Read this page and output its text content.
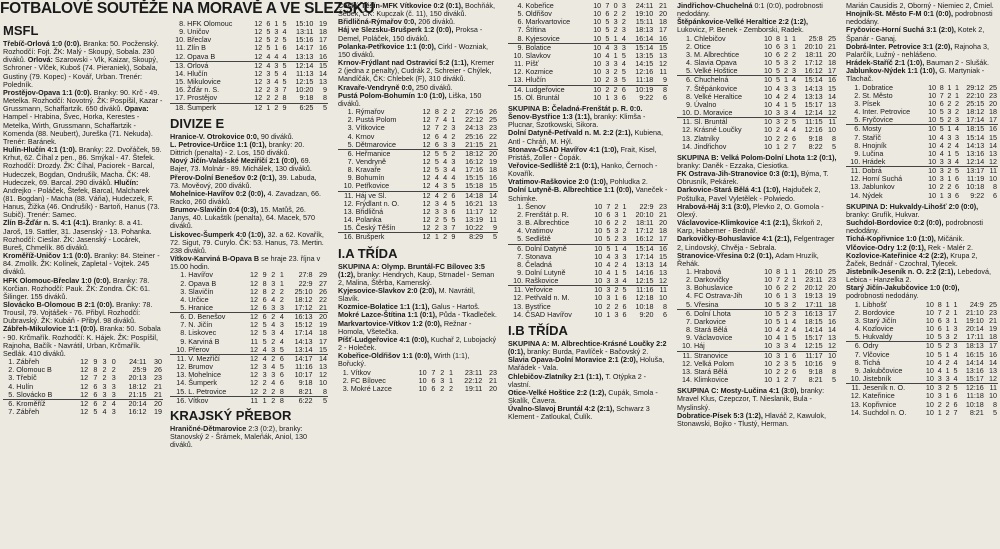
FOTBALOVÉ SOUTĚŽE NA MORAVĚ A VE SLEZSKU
MSFL

Třebíč-Orlová 1:0 (0:0). Branka: 50. Pocženský. Rozhodčí: Fojt. ŽK: Malý - Skoupý, Sobala. 230 diváků. Orlová: Szarowski - Vlk, Kaizar, Skoupý, Schroner - Vlček, Kuboš (74. Pieraniek), Sobala, Gustiny (79. Kopec) - Kovář, Urban. Trenér: Poledník.

Prostějov-Opava 1:1 (0:0). Branky: 90. Krč - 49. Metelka. Rozhodčí: Novotný. ŽK: Pospíšil, Kazar - Grussmann, Schaffartzik. 650 diváků. Opava: Hampel - Hrabina, Švec, Horka, Kerestes - Metelka, Wirth, Grussmann, Schaffartzik - Komenda (88. Neubert), Jureška (71. Nekuda). Trenér: Baránek.

Hulín-Hlučín 4:1 (1:0). Branky: 22. Dvořáček, 59. Krhut, 62. Číhal z pen., 86. Smýkal - 47. Štefek. Rozhodčí: Drozdy. ŽK: Číhal, Paciorek - Barcal, Hudeczek, Bogdan, Ondrušík, Macha. ČK: 48. Hudeczek, 69. Barcal. 290 diváků. Hlučín: Andrejko - Poláček, Štefek, Barcal, Malcharek (81. Bogdan) - Macha (88. Váňa), Hudeczek, F. Hanus, Žižka (46. Ondrušík) - Bartoň, Hanus (73. Subič). Trenér: Samec.

Zlín B-Žďár n. S. 4:1 (4:1). Branky: 8. a 41. Jaroš, 19. Sattler, 31. Jasenský - 13. Pohanka. Rozhodčí: Cieslar. ŽK: Jasenský - Locárek, Bureš, Chmelík. 86 diváků.

Kroměříž-Uničov 1:1 (0:0). Branky: 84. Steiner - 84. Zmolík. ŽK: Kolínek, Zapletal - Vojtek. 245 diváků.

HFK Olomouc-Břeclav 1:0 (0:0). Branky: 78. Korčian. Rozhodčí: Pauk. ŽK: Zondra. ČK: 61. Šilinger. 155 diváků.

Slovácko B-Olomouc B 2:1 (0:0). Branky: 78. Trousil, 79. Vojtášek - 76. Přibyl. Rozhodčí: Dubravský. ŽK: Kubáň - Přibyl. 98 diváků.

Zábřeh-Mikulovice 1:1 (0:0). Branka: 50. Sobala - 90. Krčmařík. Rozhodčí: K. Hájek. ŽK: Pospíšil, Rajnoha, Bačík - Navrátil, Urban, Krčmařík. Sedlák. 410 diváků.

1.	Zábřeh	12	9	3	0	24:11	30
2.	Olomouc B	12	8	2	2	25:9	26
3.	Třebíč	12	7	2	3	20:13	23
4.	Hulín	12	6	3	3	18:12	21
5.	Slovácko B	12	6	3	3	21:15	21
6.	Kroměříž	12	6	2	4	20:14	20
7.	Zábřeh	12	5	4	3	16:12	19
8.	HFK Olomouc	12	6	1	5	15:10	19
9.	Uničov	12	5	3	4	13:11	18
10.	Břeclav	12	5	2	5	15:16	17
11.	Zlín B	12	5	1	6	14:17	16
12.	Opava B	12	4	4	4	13:13	16
13.	Orlová	12	4	3	5	12:14	15
14.	Hlučín	12	3	5	4	11:13	14
15.	Mikulovice	12	3	4	5	12:15	13
16.	Žďár n. S.	12	2	3	7	10:20	9
17.	Prostějov	12	2	2	8	9:18	8
18.	Šumperk	12	1	2	9	6:25	5
DIVIZE E

Hranice-V. Otrokovice 0:0, 90 diváků.

L. Petrovice-Určice 1:1 (0:1), branky: 20. Dittrich (penalta) - 2. Los, 150 diváků.

Nový Jičín-Valašské Meziříčí 2:1 (0:0), 69. Bajer, 73. Molnár - 89. Michálek, 130 diváků.

Přerov-Dolní Benešov 0:2 (0:1), 39. Labuda, 73. Mověový, 200 diváků.

Mohelnice-Havířov 0:2 (0:0), 4. Zavadzan, 66. Racko, 260 diváků.

Brumov-Slavičín 0:4 (0:3), 15. Matůš, 26. Janys, 40. Lukaštík (penalta), 64. Macek, 570 diváků.

Liskovec-Šumperk 4:0 (1:0), 32. a 62. Kovařík, 72. Sigut, 79. Curylo. ČK: 53. Hanus, 73. Mertin. 238 diváků.

Vítkov-Karviná B-Opava B se hraje 23. října v 15.00 hodin.

1.	Havířov	12	9	2	1	27:8	29
2.	Opava B	12	8	3	1	22:9	27
3.	Slavičín	12	8	2	2	25:10	26
4.	Určice	12	6	4	2	18:12	22
5.	Hranice	12	6	3	3	17:12	21
6.	D. Benešov	12	6	2	4	16:13	20
7.	N. Jičín	12	5	4	3	15:12	19
8.	Liskovec	12	5	3	4	17:14	18
9.	Karviná B	11	5	2	4	14:13	17
10.	Přerov	12	4	3	5	13:14	15
11.	V. Mezříčí	12	4	2	6	14:17	14
12.	Brumov	12	3	4	5	11:16	13
13.	Mohelnice	12	3	3	6	10:17	12
14.	Šumperk	12	2	4	6	9:18	10
15.	L. Petrovice	12	2	2	8	8:21	8
16.	Vítkov	11	1	2	8	6:22	5
KRAJSKÝ PŘEBOR

Hraničné-Dětmarovice 2:3 (0:2), branky: Stanovský 2 - Šrámek, Maleňák, Aniol, 130 diváků.

Český Těšín-MFK Vítkovice 0:2 (0:1), Bochňák, Šebek, ČK: Kupczak (č. 11), 150 diváků.

Břidličná-Rýmařov 0:0, 206 diváků.

Háj ve Slezsku-Brušperk 1:2 (0:0), Proksa - Demel, Poláček, 150 diváků.

Polanka-Petřkovice 1:1 (0:0), Cirkl - Wozniak, 150 diváků.

Krnov-Frýdlant nad Ostravicí 5:2 (1:1), Kremer 2 (jedna z penalty), Cudrák 2, Schreier - Chýlek, Mandíčák, ČK: Chlebek (F), 310 diváků.

Kravaře-Vendryně 0:0, 250 diváků.

Pustá Polom-Bohumín 1:0 (1:0), Liška, 150 diváků.

1.	Rýmařov	12	8	2	2	27:16	26
2.	Pustá Polom	12	7	4	1	22:12	25
3.	Vítkovice	12	7	2	3	24:13	23
4.	Krnov	12	6	4	2	25:16	22
5.	Dětmarovice	12	6	3	3	21:15	21
6.	Heřmanice	12	5	5	2	18:12	20
7.	Vendryně	12	5	4	3	16:12	19
8.	Kravaře	12	5	3	4	17:16	18
9.	Bohumín	12	4	4	4	15:15	16
10.	Petřkovice	12	4	3	5	15:18	15
11.	Háj ve Sl.	12	4	2	6	14:18	14
12.	Frýdlant n. O.	12	3	4	5	16:21	13
13.	Břidličná	12	3	3	6	11:17	12
14.	Polanka	12	2	5	5	13:19	11
15.	Český Těšín	12	2	3	7	10:22	9
16.	Brušperk	12	1	2	9	8:29	5
I.A TŘÍDA

SKUPINA A: Olymp. Bruntál-FC Bílovec 3:5 (1:2), branky: Hendrych, Kaup, Strnadel - Seman 2, Malina, Štěrba, Kamenský.

Kyjesovice-Slavkov 2:0 (2:0), M. Navrátil, Slavík.

Kozmice-Bolatice 1:1 (1:1), Galus - Hartoš.

Mokré Lazce-Štítina 1:1 (0:1), Půda - Tkadleček.

Markvartovice-Vítkov 1:2 (0:0), Režnar - Homola, Všetečka.

Píšť-Ludgeřovice 4:1 (0:0), Kuchař 2, Lubojacký 2 - Holeček.

Kobeřice-Oldřišov 1:1 (0:0), Wirth (1:1), Bořucký.

1.	Vítkov	10	7	2	1	23:11	23
2.	FC Bílovec	10	6	3	1	22:12	21
3.	Mokré Lazce	10	6	2	2	19:11	20
4.	Kobeřice	10	7	0	3	24:11	21
5.	Oldřišov	10	6	2	2	19:10	20
6.	Markvartovice	10	5	3	2	15:11	18
7.	Štítina	10	5	2	3	18:13	17
8.	Kyjesovice	10	5	1	4	16:14	16
9.	Bolatice	10	4	3	3	15:14	15
10.	Slavkov	10	4	1	5	13:15	13
11.	Píšť	10	3	3	4	14:15	12
12.	Kozmice	10	3	2	5	12:16	11
13.	Hlučín	10	2	3	5	11:18	9
14.	Ludgeřovice	10	2	2	6	10:19	8
15.	Ol. Bruntál	10	1	3	6	9:22	6

SKUPINA B: Čeladná-Frenštát p. R. 0:0.

Šenov-Bystřice 1:3 (1:1), branky: Klimša - Plucnar, Szotkowski, Sikora.

Dolní Datyně-Petřvald n. M. 2:2 (2:1), Kubiena, Antl - Chráň, M. Hýl.

Stonava-ČSAD Havířov 4:1 (1:0), Frait, Kisel, Pristáš, Zoller - Čopák.

Veřovice-Sedliště 2:1 (0:1), Hanko, Černoch - Kovařík.

Vratimov-Raškovice 2:0 (1:0), Pohludka 2.

Dolní Lutyně-B. Albrechtice 1:1 (0:0), Vaneček - Schimke.

1.	Šenov	10	7	2	1	22:9	23
2.	Frenštát p. R.	10	6	3	1	20:10	21
3.	B. Albrechtice	10	6	2	2	18:11	20
4.	Vratimov	10	5	3	2	17:12	18
5.	Sedliště	10	5	2	3	16:12	17
6.	Dolní Datyně	10	5	1	4	15:14	16
7.	Stonava	10	4	3	3	17:14	15
8.	Čeladná	10	4	2	4	13:13	14
9.	Dolní Lutyně	10	4	1	5	14:16	13
10.	Raškovice	10	3	3	4	12:15	12
11.	Veřovice	10	3	2	5	11:16	11
12.	Petřvald n. M.	10	3	1	6	12:18	10
13.	Bystřice	10	2	2	6	10:18	8
14.	ČSAD Havířov	10	1	3	6	9:20	6
I.B TŘÍDA

SKUPINA A: M. Albrechtice-Krásné Loučky 2:2 (0:1), branky: Burda, Pavlíček - Bačovský 2.

Slavia Opava-Dolní Moravice 2:1 (2:0), Holuša, Mařádek - Vala.

Chlebičov-Zlatníky 2:1 (1:1), T. Otýpka 2 - vlastní.

Otice-Velké Hoštice 2:2 (1:2), Cupák, Smola - Skalík, Čavera.

Úvalno-Slavoj Bruntál 4:2 (2:1), Schwarz 3 Klement - Zatloukal, Čulík.

Jindřichov-Chuchelná 0:1 (0:0), podrobnosti nedodány.

Štěpánkovice-Velké Heraltice 2:2 (1:2), Lukovicz, P. Benek - Zemborski, Radek.

1.	Chlebičov	10	8	1	1	25:8	25
2.	Otice	10	6	3	1	20:10	21
3.	M. Albrechtice	10	6	2	2	18:11	20
4.	Slavia Opava	10	5	3	2	17:12	18
5.	Velké Hoštice	10	5	2	3	16:12	17
6.	Chuchelná	10	5	1	4	15:14	16
7.	Štěpánkovice	10	4	3	3	14:13	15
8.	Velké Heraltice	10	4	2	4	13:13	14
9.	Úvalno	10	4	1	5	15:17	13
10.	D. Moravice	10	3	3	4	12:14	12
11.	Sl. Bruntál	10	3	2	5	11:15	11
12.	Krásné Loučky	10	2	4	4	12:16	10
13.	Zlatníky	10	2	2	6	9:18	8
14.	Jindřichov	10	1	2	7	8:22	5

SKUPINA B: Velká Polom-Dolní Lhota 1:2 (0:1), branky: Daněk - Ezzaka, Ciesiotka.

FK Ostrava-Jih-Stranovice 0:3 (0:1), Býma, T. Obrusník, Pekárek.

Darkovice-Stará Bělá 4:1 (1:0), Hajduček 2, Poštulka, Pavel Vyletělek - Polwiedo.

Hrabová-Háj 3:1 (3:0), Plevko 2, O. Gomola - Olexý.

Václavovice-Klimkovice 4:1 (2:1), Škrkoň 2, Karp, Haberner - Bednář.

Darkovičky-Bohuslavice 4:1 (2:1), Felgentrager 2, Lindovský, Chvěja - Sebrala.

Stranovice-Vřesina 0:2 (0:1), Adam Hruzík, Řehák.

1.	Hrabová	10	8	1	1	26:10	25
2.	Darkovičky	10	7	2	1	23:11	23
3.	Bohuslavice	10	6	2	2	20:12	20
4.	FC Ostrava-Jih	10	6	1	3	19:13	19
5.	Vřesina	10	5	3	2	17:11	18
6.	Dolní Lhota	10	5	2	3	16:13	17
7.	Darkovice	10	5	1	4	18:15	16
8.	Stará Bělá	10	4	2	4	14:14	14
9.	Václavovice	10	4	1	5	15:17	13
10.	Háj	10	3	3	4	12:15	12
11.	Stranovice	10	3	1	6	11:17	10
12.	Velká Polom	10	2	3	5	10:16	9
13.	Stará Bělá	10	2	2	6	9:18	8
14.	Klimkovice	10	1	2	7	8:21	5

SKUPINA C: Mosty-Lučina 4:1 (3:0), branky: Mravel Klus, Czepczor, T. Nieslanik, Bula - Myslinský.

Dobratice-Písek 5:3 (1:2), Hlaváč 2, Kawulok, Stonawski, Bojko - Tlustý, Herman.

Marián Causidis 2, Oborný - Niemiec 2, Čmiel.

Hnojník-St. Město F-M 0:1 (0:0), podrobnosti nedodány.

Fryčovice-Horní Suchá 3:1 (2:0), Kotek 2, Španár - Ganaj.

Dobrá-Inter. Petrovice 3:1 (2:0), Rajnoha 3, Palarčík, Lužný - nehlášeno.

Hrádek-Staříč 2:1 (1:0), Bauman 2 - Slušák.

Jablunkov-Nýdek 1:1 (1:0), G. Martyniak - Tlachač.

1.	Dobratice	10	8	1	1	29:12	25
2.	St. Město	10	7	2	1	22:10	23
3.	Písek	10	6	2	2	25:15	20
4.	Inter. Petrovice	10	5	3	2	18:12	18
5.	Fryčovice	10	5	2	3	17:14	17
6.	Mosty	10	5	1	4	18:15	16
7.	Staříč	10	4	3	3	15:14	15
8.	Hnojník	10	4	2	4	14:13	14
9.	Lučina	10	4	1	5	13:16	13
10.	Hrádek	10	3	3	4	12:14	12
11.	Dobrá	10	3	2	5	13:17	11
12.	Horní Suchá	10	3	1	6	11:19	10
13.	Jablunkov	10	2	2	6	10:18	8
14.	Nýdek	10	1	3	6	9:22	6

SKUPINA D: Hukvaldy-Lihošť 2:0 (0:0), branky: Grufík, Hukvar.

Suchdol-Bordovice 0:2 (0:0), podrobnosti nedodány.

Tichá-Kopřivnice 1:0 (1:0), Mičánik.

Vlčovice-Odry 1:2 (0:1), Rek - Malér 2.

Kozlovice-Kateřinice 4:2 (2:2), Krupa 2, Žaček, Bednář - Czochral, Tylecek.

Jistebník-Jeseník n. O. 2:2 (2:1), Lebedová, Lebica - Hanzelka 2.

Starý Jičín-Jakubčovice 1:0 (0:0), podrobnosti nedodány.

1.	Libhošť	10	8	1	1	24:9	25
2.	Bordovice	10	7	2	1	21:10	23
3.	Starý Jičín	10	6	3	1	19:10	21
4.	Kozlovice	10	6	1	3	20:14	19
5.	Hukvaldy	10	5	3	2	17:11	18
6.	Odry	10	5	2	3	18:13	17
7.	Vlčovice	10	5	1	4	16:15	16
8.	Tichá	10	4	2	4	14:14	14
9.	Jakubčovice	10	4	1	5	13:16	13
10.	Jistebník	10	3	3	4	15:17	12
11.	Jeseník n. O.	10	3	2	5	12:16	11
12.	Kateřinice	10	3	1	6	11:18	10
13.	Kopřivnice	10	2	2	6	10:18	8
14.	Suchdol n. O.	10	1	2	7	8:21	5
